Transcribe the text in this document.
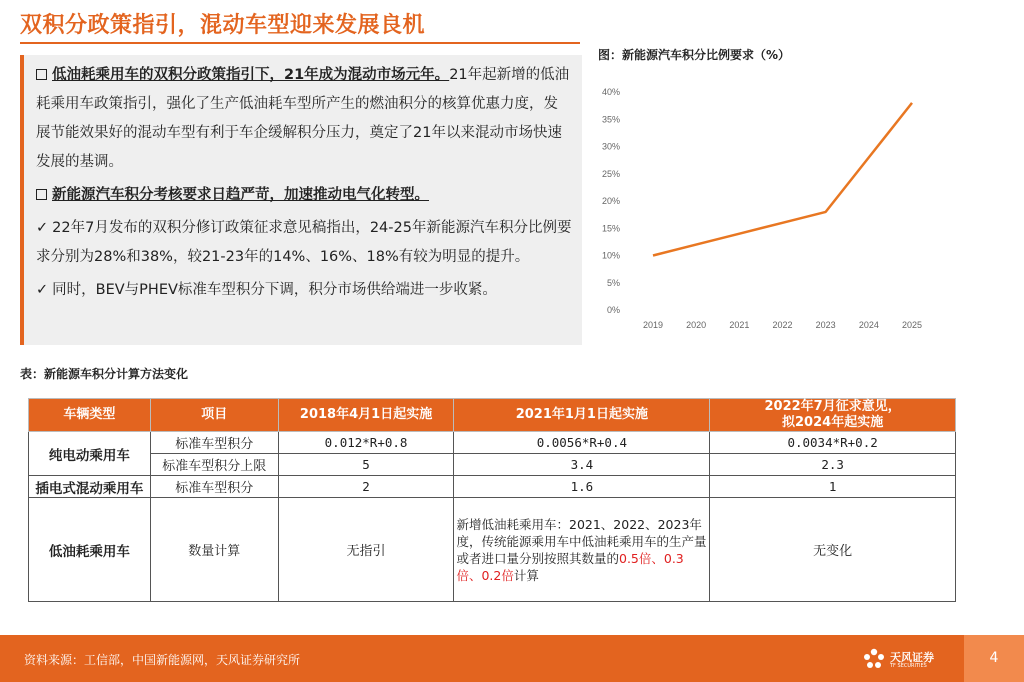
双积分政策指引，混动车型迎来发展良机
低油耗乘用车的双积分政策指引下，21年成为混动市场元年。21年起新增的低油耗乘用车政策指引，强化了生产低油耗车型所产生的燃油积分的核算优惠力度，发展节能效果好的混动车型有利于车企缓解积分压力，奠定了21年以来混动市场快速发展的基调。
新能源汽车积分考核要求日趋严苛，加速推动电气化转型。
✓ 22年7月发布的双积分修订政策征求意见稿指出，24-25年新能源汽车积分比例要求分别为28%和38%，较21-23年的14%、16%、18%有较为明显的提升。
✓ 同时，BEV与PHEV标准车型积分下调，积分市场供给端进一步收紧。
图：新能源汽车积分比例要求（%）
0%
5%
10%
15%
20%
25%
30%
35%
40%
2019	2020	2021	2022	2023	2024	2025
表：新能源车积分计算方法变化
车辆类型	项目	2018年4月1日起实施	2021年1月1日起实施	2022年7月征求意见，
拟2024年起实施
纯电动乘用车	标准车型积分	0.012*R+0.8	0.0056*R+0.4	0.0034*R+0.2
	标准车型积分上限	5	3.4	2.3
插电式混动乘用车	标准车型积分	2	1.6	1
低油耗乘用车	数量计算	无指引	新增低油耗乘用车：2021、2022、2023年度，传统能源乘用车中低油耗乘用车的生产量或者进口量分别按照其数量的0.5倍、0.3倍、0.2倍计算	无变化
资料来源：工信部，中国新能源网，天风证券研究所	天风证券
TF SECURITIES	4
